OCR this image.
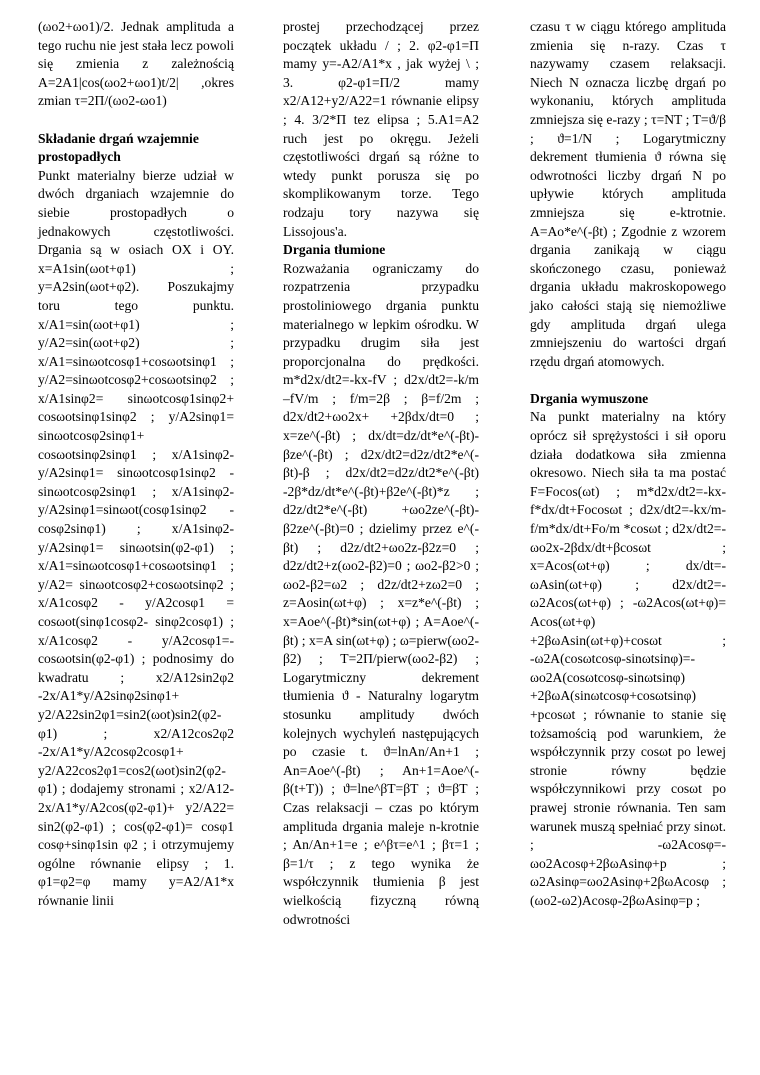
(ωo2+ωo1)/2. Jednak amplituda a tego ruchu nie jest stała lecz powoli się zmienia z zależnością A=2A1|cos(ωo2+ωo1)t/2| ,okres zmian τ=2Π/(ωo2-ωo1)

Składanie drgań wzajemnie prostopadłych

Punkt materialny bierze udział w dwóch drganiach wzajemnie do siebie prostopadłych o jednakowych częstotliwości. Drgania są w osiach OX i OY. x=A1sin(ωot+φ1) ; y=A2sin(ωot+φ2). Poszukajmy toru tego punktu. x/A1=sin(ωot+φ1) ; y/A2=sin(ωot+φ2) ; x/A1=sinωotcosφ1+cosωotsinφ1 ; y/A2=sinωotcosφ2+cosωotsinφ2 ; x/A1sinφ2= sinωotcosφ1sinφ2+ cosωotsinφ1sinφ2 ; y/A2sinφ1= sinωotcosφ2sinφ1+ cosωotsinφ2sinφ1 ; x/A1sinφ2- y/A2sinφ1= sinωotcosφ1sinφ2 - sinωotcosφ2sinφ1 ; x/A1sinφ2- y/A2sinφ1=sinωot(cosφ1sinφ2 - cosφ2sinφ1) ; x/A1sinφ2- y/A2sinφ1= sinωotsin(φ2-φ1) ; x/A1=sinωotcosφ1+cosωotsinφ1 ; y/A2= sinωotcosφ2+cosωotsinφ2 ; x/A1cosφ2 - y/A2cosφ1 = cosωot(sinφ1cosφ2- sinφ2cosφ1) ; x/A1cosφ2 - y/A2cosφ1=-cosωotsin(φ2-φ1) ; podnosimy do kwadratu ; x2/A12sin2φ2 -2x/A1*y/A2sinφ2sinφ1+ y2/A22sin2φ1=sin2(ωot)sin2(φ2-φ1) ; x2/A12cos2φ2 -2x/A1*y/A2cosφ2cosφ1+ y2/A22cos2φ1=cos2(ωot)sin2(φ2-φ1) ; dodajemy stronami ; x2/A12-2x/A1*y/A2cos(φ2-φ1)+ y2/A22= sin2(φ2-φ1) ; cos(φ2-φ1)= cosφ1 cosφ+sinφ1sin φ2 ; i otrzymujemy ogólne równanie elipsy ; 1. φ1=φ2=φ mamy y=A2/A1*x równanie linii

prostej przechodzącej przez początek układu / ; 2. φ2-φ1=Π mamy y=-A2/A1*x , jak wyżej \ ; 3. φ2-φ1=Π/2 mamy x2/A12+y2/A22=1 równanie elipsy ; 4. 3/2*Π tez elipsa ; 5.A1=A2 ruch jest po okręgu. Jeżeli częstotliwości drgań są różne to wtedy punkt porusza się po skomplikowanym torze. Tego rodzaju tory nazywa się Lissojous'a.

Drgania tłumione

Rozważania ograniczamy do rozpatrzenia przypadku prostoliniowego drgania punktu materialnego w lepkim ośrodku. W przypadku drugim siła jest proporcjonalna do prędkości. m*d2x/dt2=-kx-fV ; d2x/dt2=-k/m –fV/m ; f/m=2β ; β=f/2m ; d2x/dt2+ωo2x+ +2βdx/dt=0 ; x=ze^(-βt) ; dx/dt=dz/dt*e^(-βt)-βze^(-βt) ; d2x/dt2=d2z/dt2*e^(-βt)-β ; d2x/dt2=d2z/dt2*e^(-βt) -2β*dz/dt*e^(-βt)+β2e^(-βt)*z ; d2z/dt2*e^(-βt) +ωo2ze^(-βt)-β2ze^(-βt)=0 ; dzielimy przez e^(-βt) ; d2z/dt2+ωo2z-β2z=0 ; d2z/dt2+z(ωo2-β2)=0 ; ωo2-β2>0 ; ωo2-β2=ω2 ; d2z/dt2+zω2=0 ; z=Aosin(ωt+φ) ; x=z*e^(-βt) ; x=Aoe^(-βt)*sin(ωt+φ) ; A=Aoe^(-βt) ; x=A sin(ωt+φ) ; ω=pierw(ωo2-β2) ; T=2Π/pierw(ωo2-β2) ; Logarytmiczny dekrement tłumienia ϑ - Naturalny logarytm stosunku amplitudy dwóch kolejnych wychyleń następujących po czasie t. ϑ=lnAn/An+1 ; An=Aoe^(-βt) ; An+1=Aoe^(-β(t+T)) ; ϑ=lne^βT=βT ; ϑ=βT ; Czas relaksacji – czas po którym amplituda drgania maleje n-krotnie ; An/An+1=e ; e^βτ=e^1 ; βτ=1 ; β=1/τ ; z tego wynika że współczynnik tłumienia β jest wielkością fizyczną równą odwrotności

czasu τ w ciągu którego amplituda zmienia się n-razy. Czas τ nazywamy czasem relaksacji. Niech N oznacza liczbę drgań po wykonaniu, których amplituda zmniejsza się e-razy ; τ=NT ; T=ϑ/β ; ϑ=1/N ; Logarytmiczny dekrement tłumienia ϑ równa się odwrotności liczby drgań N po upływie których amplituda zmniejsza się e-ktrotnie. A=Ao*e^(-βt) ; Zgodnie z wzorem drgania zanikają w ciągu skończonego czasu, ponieważ drgania układu makroskopowego jako całości stają się niemożliwe gdy amplituda drgań ulega zmniejszeniu do wartości drgań rzędu drgań atomowych.

Drgania wymuszone

Na punkt materialny na który oprócz sił sprężystości i sił oporu działa dodatkowa siła zmienna okresowo. Niech siła ta ma postać F=Focos(ωt) ; m*d2x/dt2=-kx-f*dx/dt+Focosωt ; d2x/dt2=-kx/m-f/m*dx/dt+Fo/m *cosωt ; d2x/dt2=-ωo2x-2βdx/dt+βcosωt ; x=Acos(ωt+φ) ; dx/dt=-ωAsin(ωt+φ) ; d2x/dt2=-ω2Acos(ωt+φ) ; -ω2Acos(ωt+φ)= Acos(ωt+φ) +2βωAsin(ωt+φ)+cosωt ; -ω2A(cosωtcosφ-sinωtsinφ)=-ωo2A(cosωtcosφ-sinωtsinφ) +2βωA(sinωtcosφ+cosωtsinφ) +pcosωt ; równanie to stanie się tożsamością pod warunkiem, że współczynnik przy cosωt po lewej stronie równy będzie współczynnikowi przy cosωt po prawej stronie równania. Ten sam warunek muszą spełniać przy sinωt. ; -ω2Acosφ=-ωo2Acosφ+2βωAsinφ+p ; ω2Asinφ=ωo2Asinφ+2βωAcosφ ; (ωo2-ω2)Acosφ-2βωAsinφ=p ;
